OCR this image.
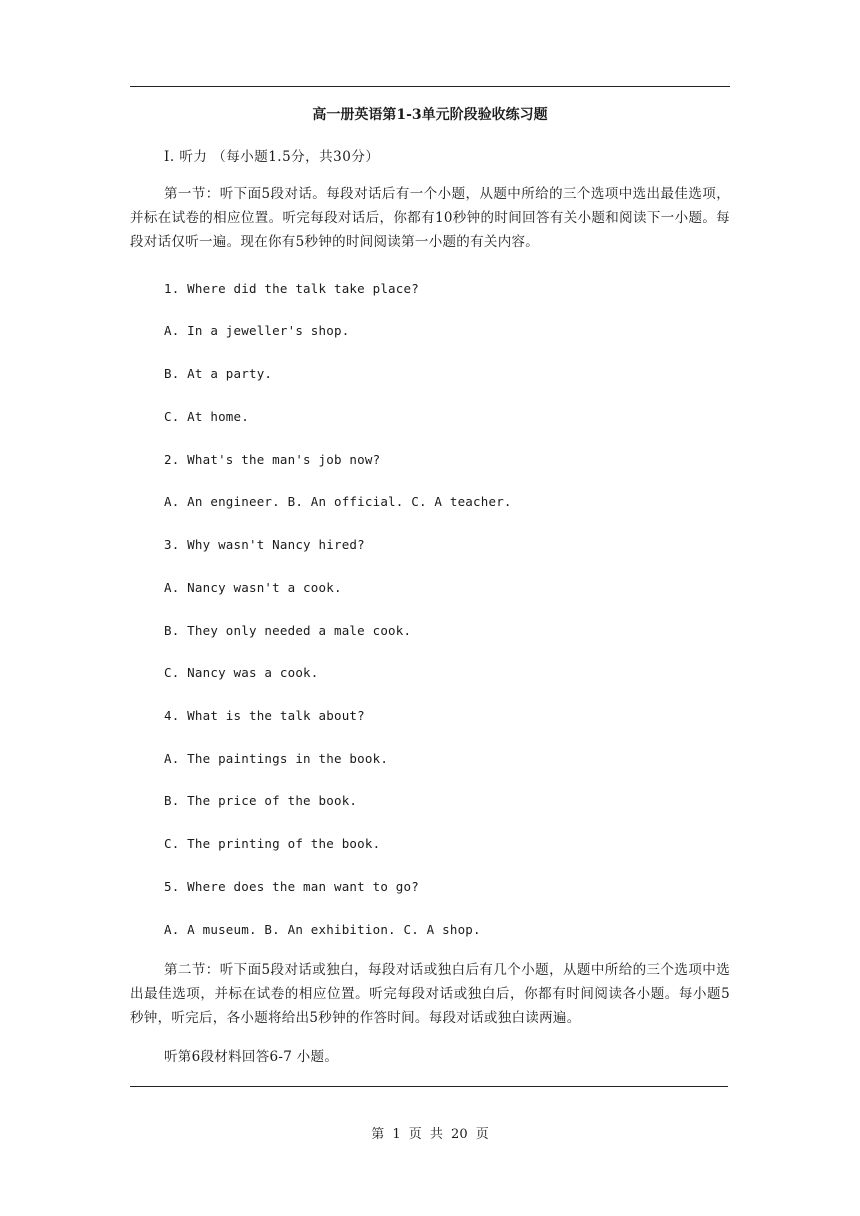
高一册英语第1-3单元阶段验收练习题
I. 听力 （每小题1.5分，共30分）
第一节：听下面5段对话。每段对话后有一个小题，从题中所给的三个选项中选出最佳选项，并标在试卷的相应位置。听完每段对话后，你都有10秒钟的时间回答有关小题和阅读下一小题。每段对话仅听一遍。现在你有5秒钟的时间阅读第一小题的有关内容。
1. Where did the talk take place?
A. In a jeweller's shop.
B. At a party.
C. At home.
2. What's the man's job now?
A. An engineer. B. An official. C. A teacher.
3. Why wasn't Nancy hired?
A. Nancy wasn't a cook.
B. They only needed a male cook.
C. Nancy was a cook.
4. What is the talk about?
A. The paintings in the book.
B. The price of the book.
C. The printing of the book.
5. Where does the man want to go?
A. A museum. B. An exhibition. C. A shop.
第二节：听下面5段对话或独白，每段对话或独白后有几个小题，从题中所给的三个选项中选出最佳选项，并标在试卷的相应位置。听完每段对话或独白后，你都有时间阅读各小题。每小题5秒钟，听完后，各小题将给出5秒钟的作答时间。每段对话或独白读两遍。
听第6段材料回答6-7 小题。
第 1 页 共 20 页
